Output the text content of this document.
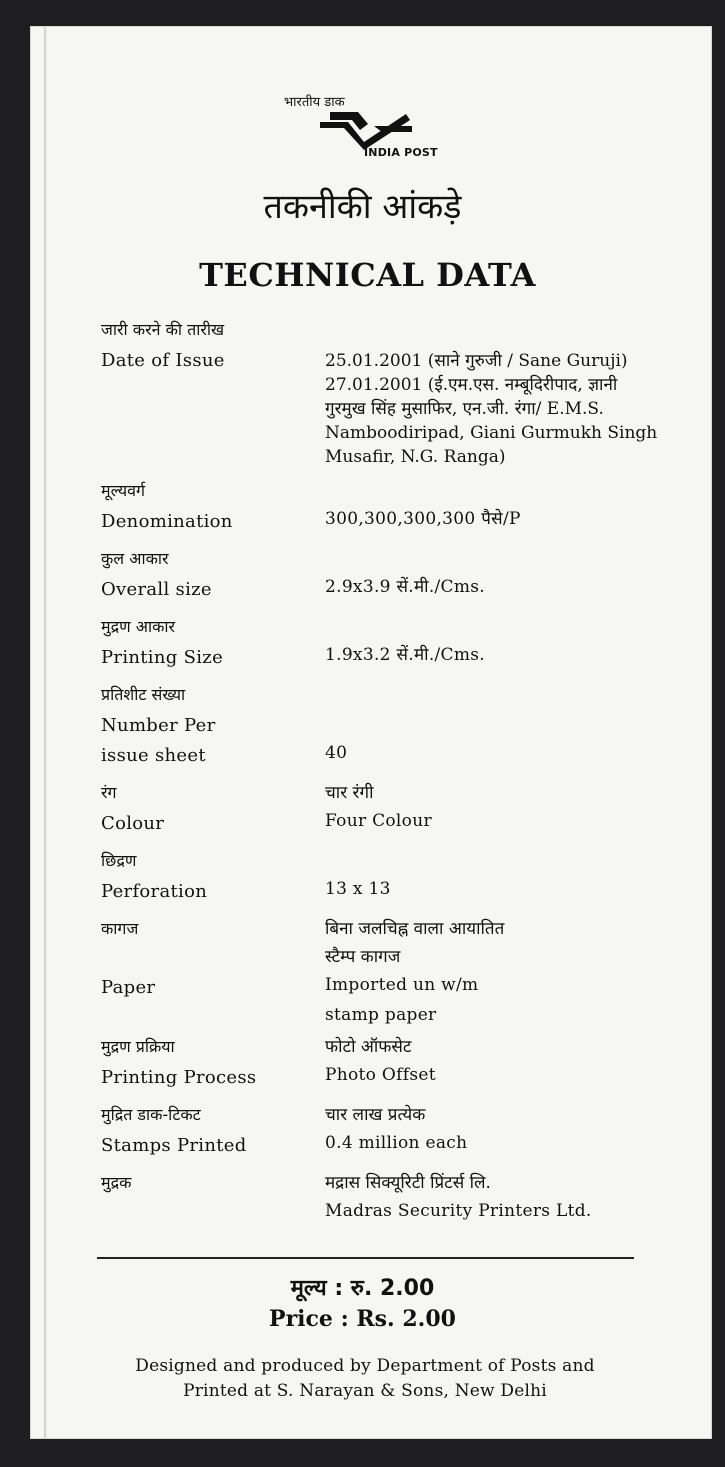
भारतीय डाक
INDIA POST
तकनीकी आंकड़े
TECHNICAL DATA
जारी करने की तारीख
Date of Issue	25.01.2001 (साने गुरुजी / Sane Guruji)
27.01.2001 (ई.एम.एस. नम्बूदिरीपाद, ज्ञानी
गुरमुख सिंह मुसाफिर, एन.जी. रंगा/ E.M.S.
Namboodiripad, Giani Gurmukh Singh
Musafir, N.G. Ranga)
मूल्यवर्ग
Denomination	300,300,300,300 पैसे/P
कुल आकार
Overall size	2.9x3.9 सें.मी./Cms.
मुद्रण आकार
Printing Size	1.9x3.2 सें.मी./Cms.
प्रतिशीट संख्या
Number Per
issue sheet	40
रंग	चार रंगी
Colour	Four Colour
छिद्रण
Perforation	13 x 13
कागज	बिना जलचिह्न वाला आयातित
स्टैम्प कागज
Paper	Imported un w/m
stamp paper
मुद्रण प्रक्रिया	फोटो ऑफसेट
Printing Process	Photo Offset
मुद्रित डाक-टिकट	चार लाख प्रत्येक
Stamps Printed	0.4 million each
मुद्रक	मद्रास सिक्यूरिटी प्रिंटर्स लि.
Madras Security Printers Ltd.
मूल्य : रु. 2.00
Price : Rs. 2.00
Designed and produced by Department of Posts and
Printed at S. Narayan & Sons, New Delhi
